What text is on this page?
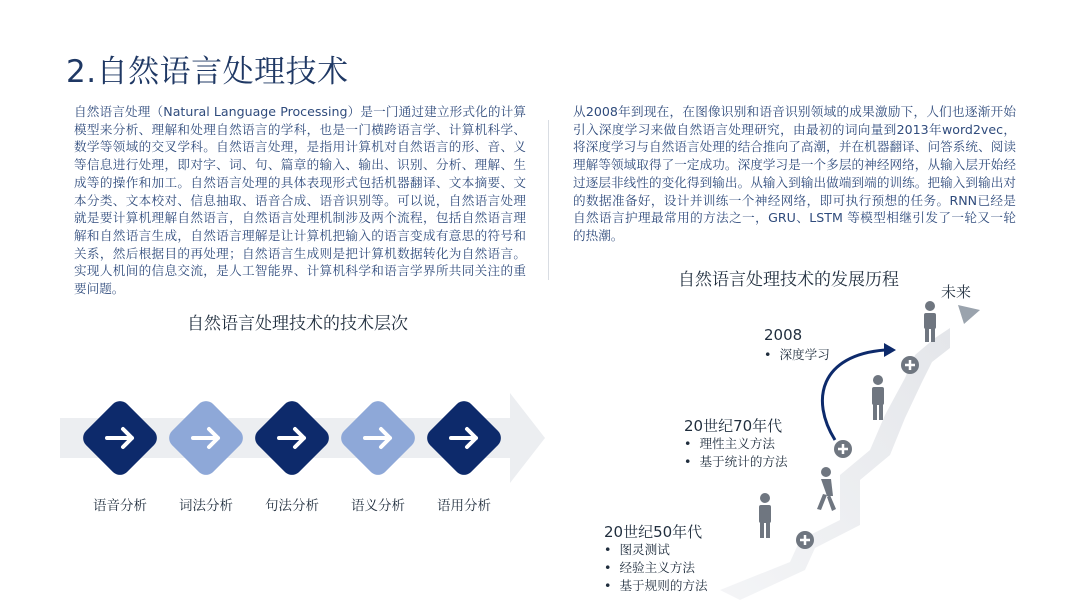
2.自然语言处理技术

自然语言处理（Natural Language Processing）是一门通过建立形式化的计算模型来分析、理解和处理自然语言的学科，也是一门横跨语言学、计算机科学、数学等领域的交叉学科。自然语言处理，是指用计算机对自然语言的形、音、义等信息进行处理，即对字、词、句、篇章的输入、输出、识别、分析、理解、生成等的操作和加工。自然语言处理的具体表现形式包括机器翻译、文本摘要、文本分类、文本校对、信息抽取、语音合成、语音识别等。可以说，自然语言处理就是要计算机理解自然语言，自然语言处理机制涉及两个流程，包括自然语言理解和自然语言生成，自然语言理解是让计算机把输入的语言变成有意思的符号和关系，然后根据目的再处理；自然语言生成则是把计算机数据转化为自然语言。实现人机间的信息交流，是人工智能界、计算机科学和语言学界所共同关注的重要问题。

从2008年到现在，在图像识别和语音识别领域的成果激励下，人们也逐渐开始引入深度学习来做自然语言处理研究，由最初的词向量到2013年word2vec，将深度学习与自然语言处理的结合推向了高潮，并在机器翻译、问答系统、阅读理解等领域取得了一定成功。深度学习是一个多层的神经网络，从输入层开始经过逐层非线性的变化得到输出。从输入到输出做端到端的训练。把输入到输出对的数据准备好，设计并训练一个神经网络，即可执行预想的任务。RNN已经是自然语言护理最常用的方法之一，GRU、LSTM 等模型相继引发了一轮又一轮的热潮。

自然语言处理技术的技术层次
自然语言处理技术的发展历程
语音分析	词法分析	句法分析	语义分析	语用分析
未来
2008
• 深度学习
20世纪70年代
• 理性主义方法
• 基于统计的方法
20世纪50年代
• 图灵测试
• 经验主义方法
• 基于规则的方法
